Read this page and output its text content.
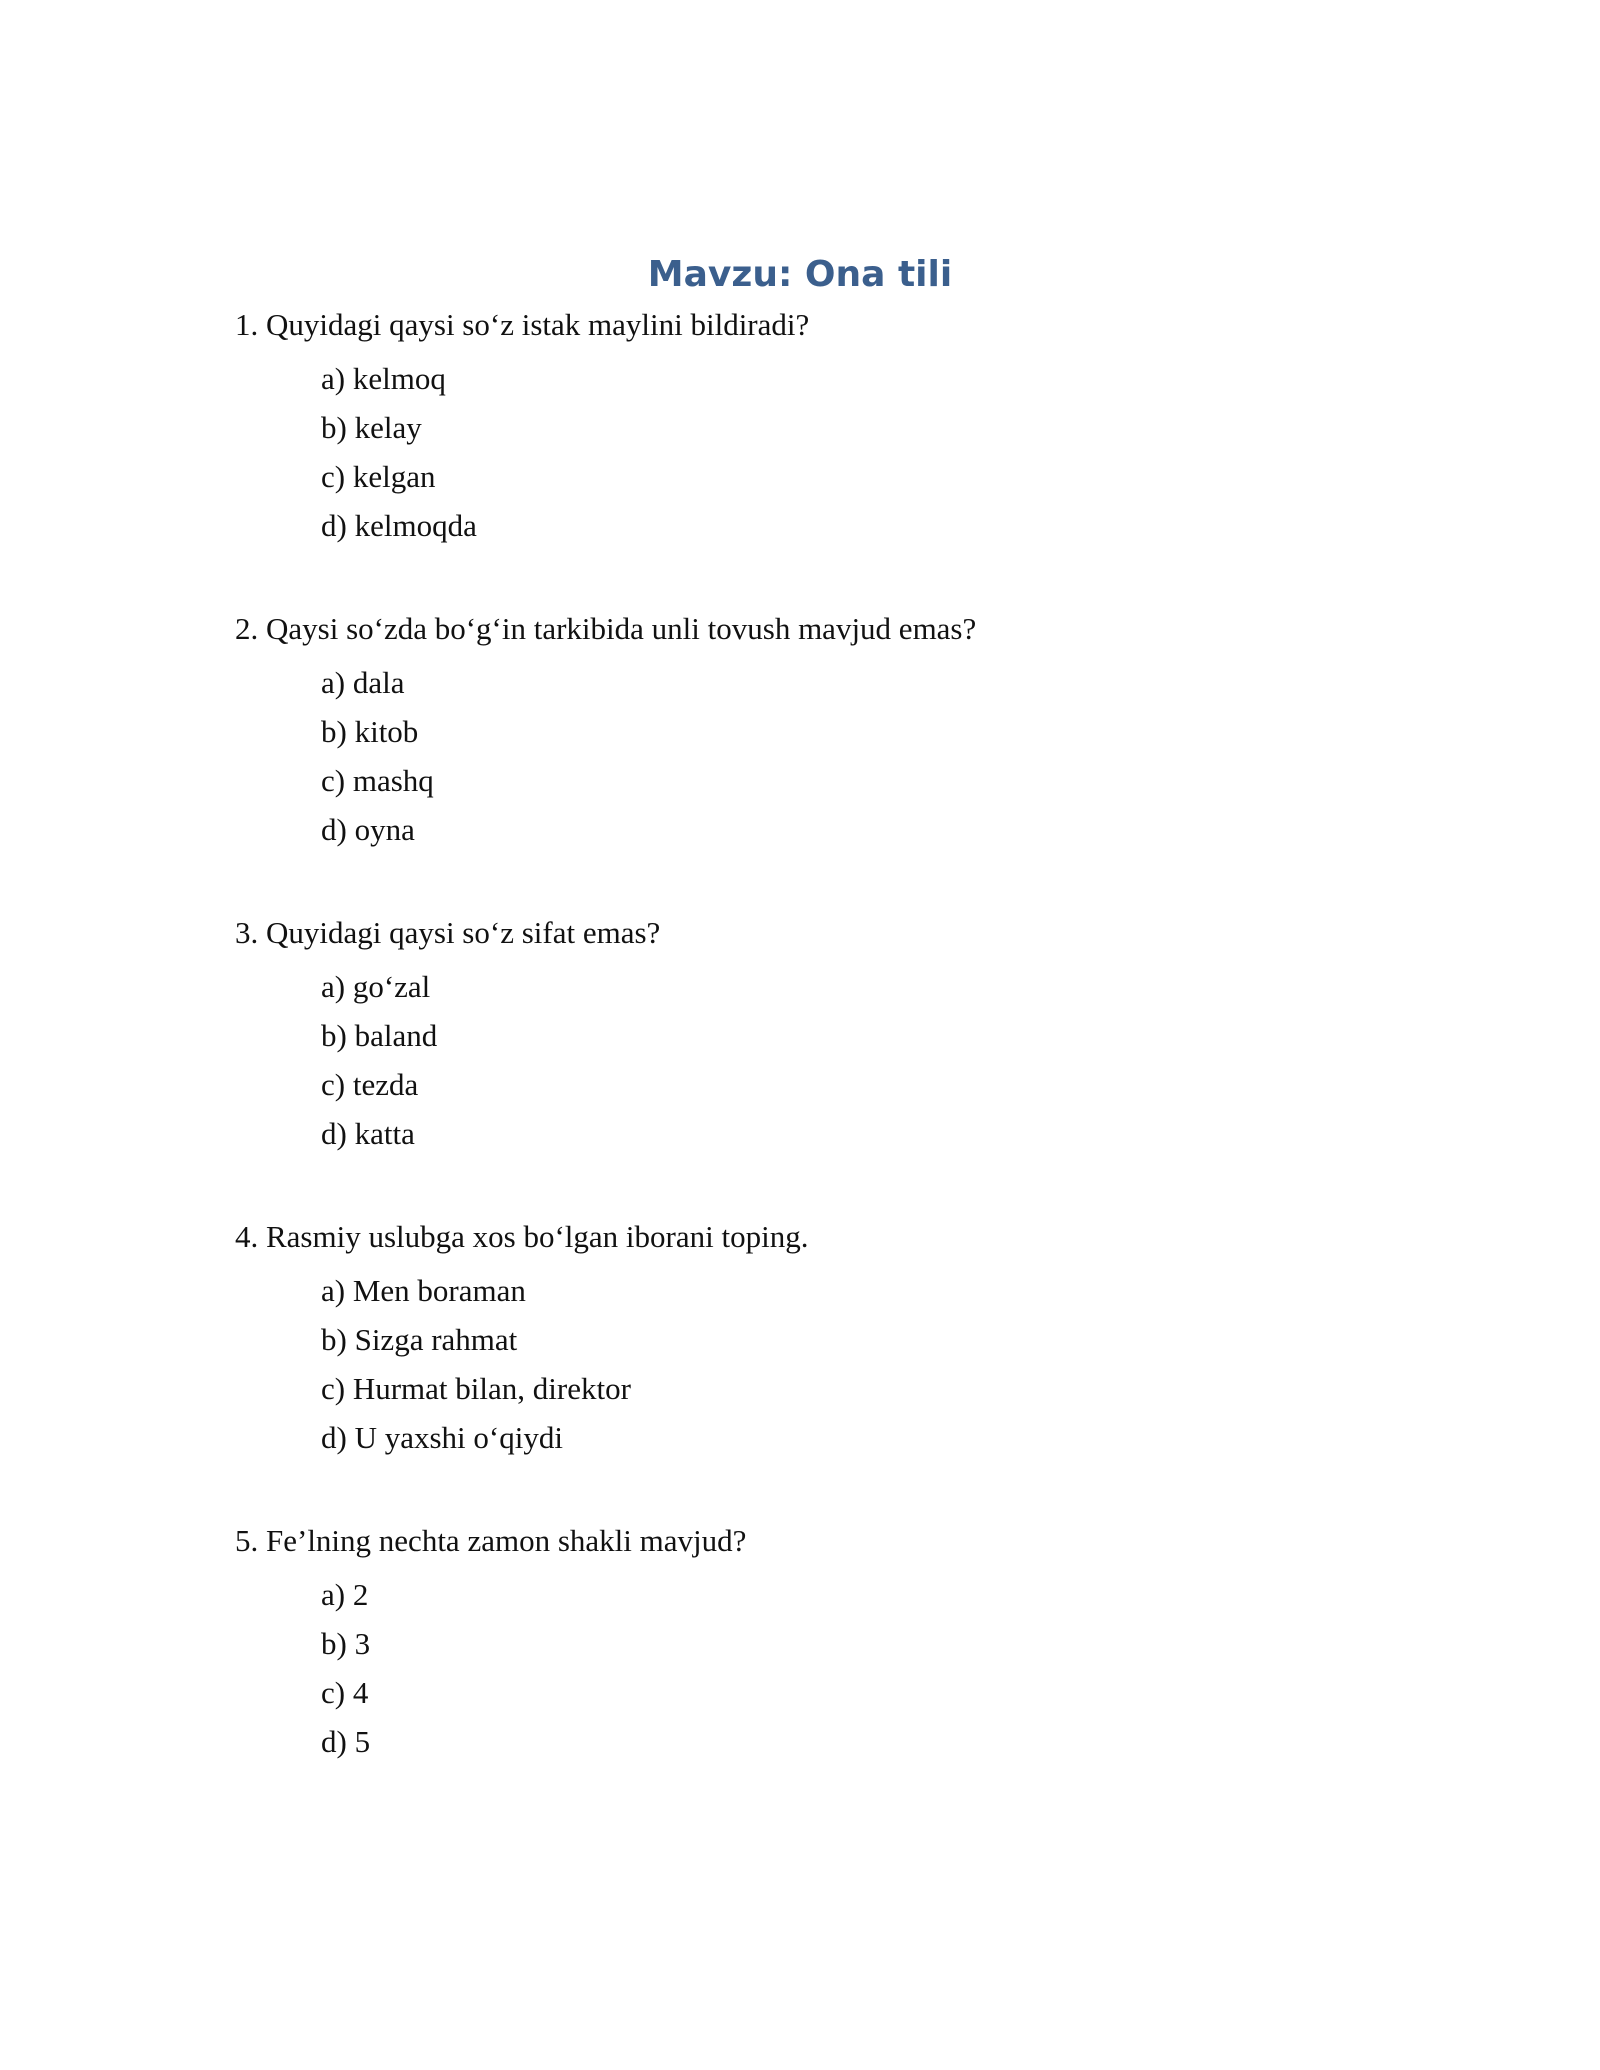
Mavzu: Ona tili

1. Quyidagi qaysi so‘z istak maylini bildiradi?

a ) kelmoq
b ) kelay
c ) kelgan
d ) kelmoqda

2. Qaysi so‘zda bo‘g‘in tarkibida unli tovush mavjud emas?

a ) dala
b ) kitob
c ) mashq
d ) oyna

3. Quyidagi qaysi so‘z sifat emas?

a ) go‘zal
b ) baland
c ) tezda
d ) katta

4. Rasmiy uslubga xos bo‘lgan iborani toping.

a ) Men boraman
b ) Sizga rahmat
c ) Hurmat bilan, direktor
d ) U yaxshi o‘qiydi

5. Fe’lning nechta zamon shakli mavjud?

a ) 2
b ) 3
c ) 4
d ) 5
